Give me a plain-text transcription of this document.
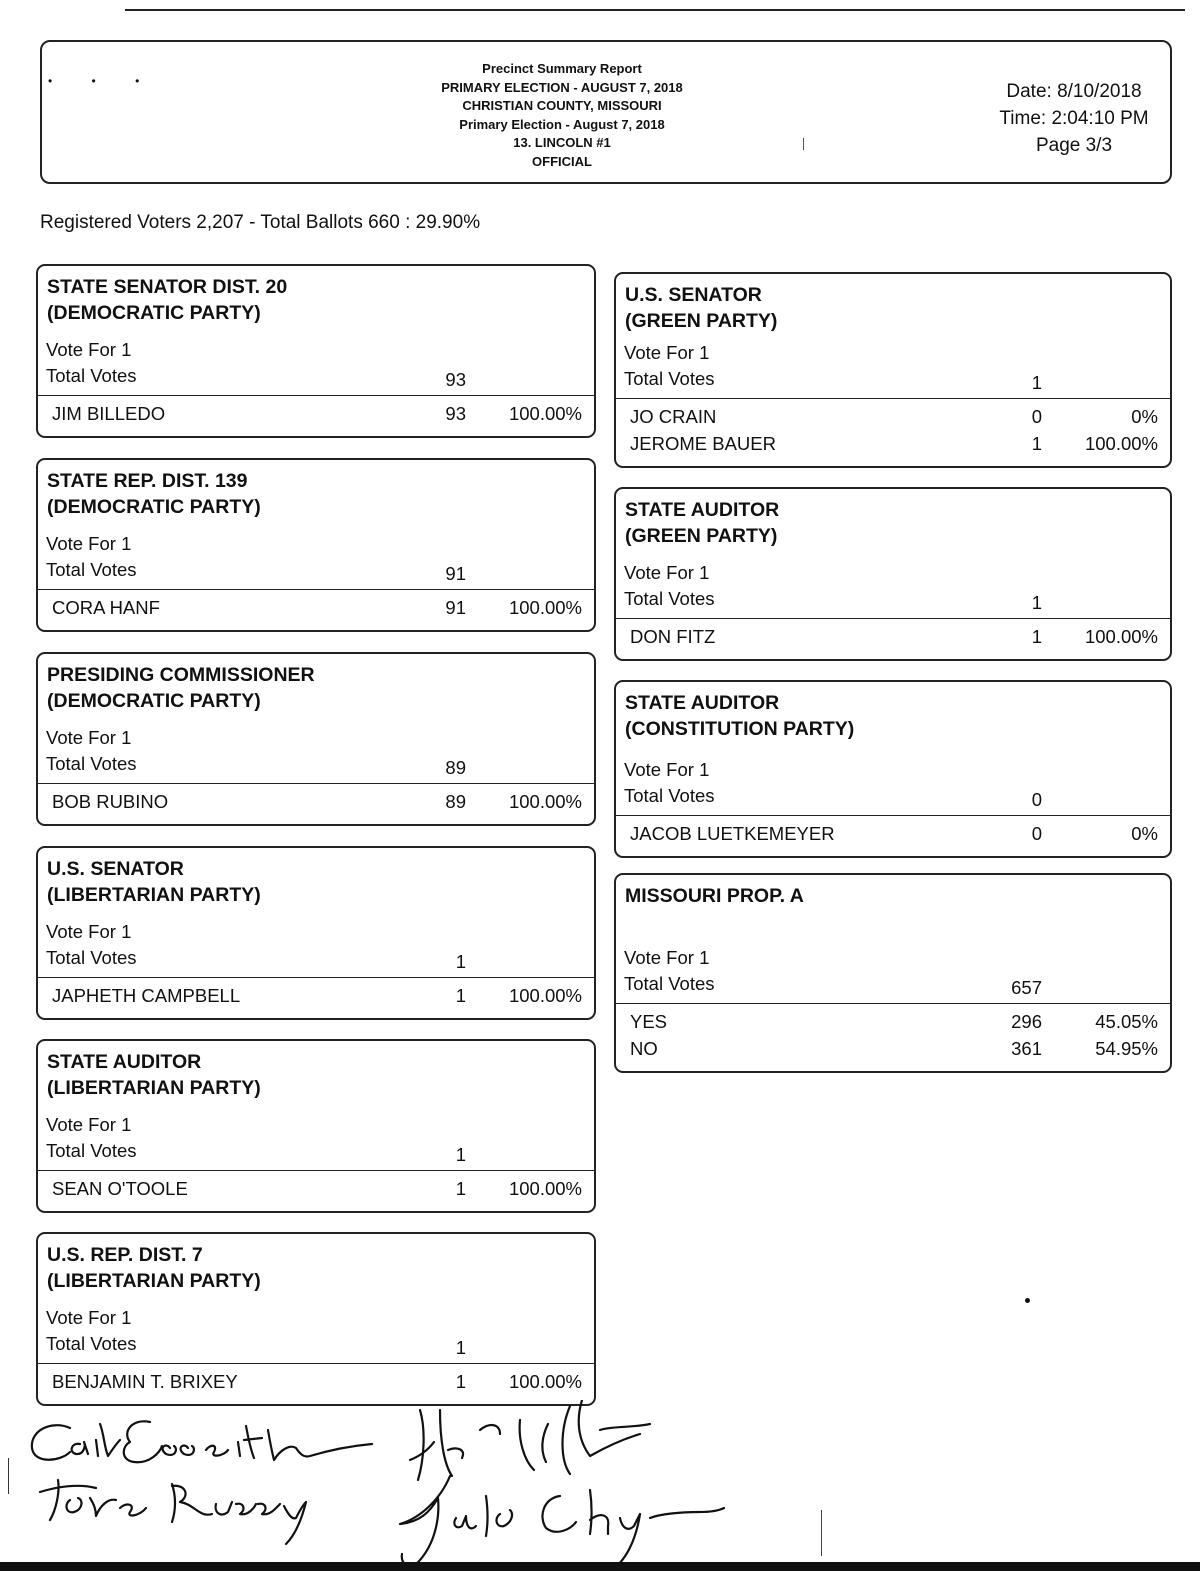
• • •
Precinct Summary Report
PRIMARY ELECTION - AUGUST 7, 2018
CHRISTIAN COUNTY, MISSOURI
Primary Election - August 7, 2018
13. LINCOLN #1
OFFICIAL
Date: 8/10/2018
Time: 2:04:10 PM
Page 3/3
Registered Voters 2,207 - Total Ballots 660 : 29.90%
STATE SENATOR DIST. 20
(DEMOCRATIC PARTY)
Vote For 1
Total Votes	93
JIM BILLEDO	93 100.00%
STATE REP. DIST. 139
(DEMOCRATIC PARTY)
Vote For 1
Total Votes	91
CORA HANF	91 100.00%
PRESIDING COMMISSIONER
(DEMOCRATIC PARTY)
Vote For 1
Total Votes	89
BOB RUBINO	89 100.00%
U.S. SENATOR
(LIBERTARIAN PARTY)
Vote For 1
Total Votes	1
JAPHETH CAMPBELL	1 100.00%
STATE AUDITOR
(LIBERTARIAN PARTY)
Vote For 1
Total Votes	1
SEAN O'TOOLE	1 100.00%
U.S. REP. DIST. 7
(LIBERTARIAN PARTY)
Vote For 1
Total Votes	1
BENJAMIN T. BRIXEY	1 100.00%
U.S. SENATOR
(GREEN PARTY)
Vote For 1
Total Votes	1
JO CRAIN	0	0%
JEROME BAUER	1 100.00%
STATE AUDITOR
(GREEN PARTY)
Vote For 1
Total Votes	1
DON FITZ	1 100.00%
STATE AUDITOR
(CONSTITUTION PARTY)
Vote For 1
Total Votes	0
JACOB LUETKEMEYER	0	0%
MISSOURI PROP. A
Vote For 1
Total Votes	657
YES	296	45.05%
NO	361	54.95%
